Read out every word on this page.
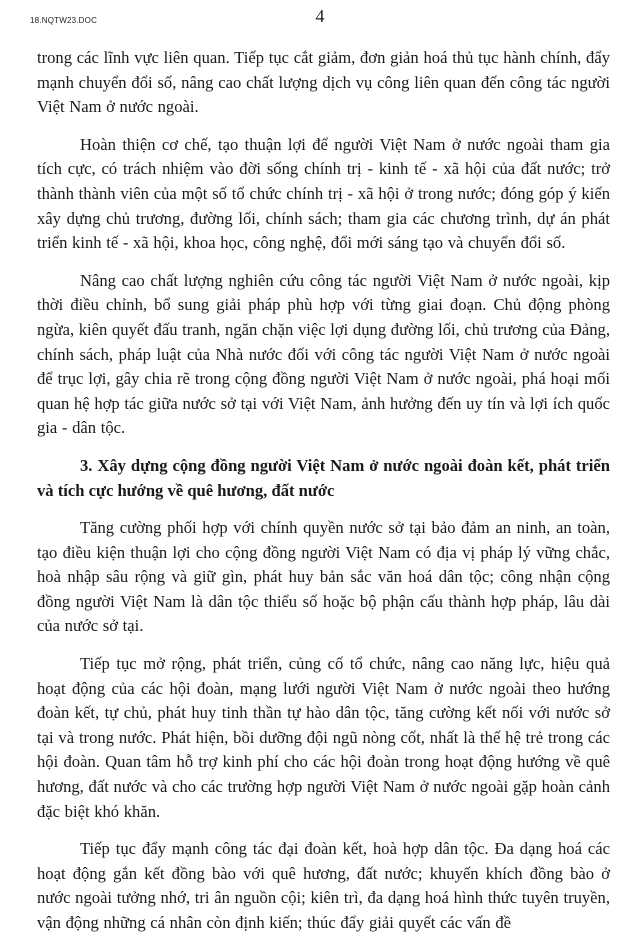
18.NQTW23.DOC	4

trong các lĩnh vực liên quan. Tiếp tục cắt giảm, đơn giản hoá thủ tục hành chính, đẩy mạnh chuyển đổi số, nâng cao chất lượng dịch vụ công liên quan đến công tác người Việt Nam ở nước ngoài.

Hoàn thiện cơ chế, tạo thuận lợi để người Việt Nam ở nước ngoài tham gia tích cực, có trách nhiệm vào đời sống chính trị - kinh tế - xã hội của đất nước; trở thành thành viên của một số tổ chức chính trị - xã hội ở trong nước; đóng góp ý kiến xây dựng chủ trương, đường lối, chính sách; tham gia các chương trình, dự án phát triển kinh tế - xã hội, khoa học, công nghệ, đổi mới sáng tạo và chuyển đổi số.

Nâng cao chất lượng nghiên cứu công tác người Việt Nam ở nước ngoài, kịp thời điều chỉnh, bổ sung giải pháp phù hợp với từng giai đoạn. Chủ động phòng ngừa, kiên quyết đấu tranh, ngăn chặn việc lợi dụng đường lối, chủ trương của Đảng, chính sách, pháp luật của Nhà nước đối với công tác người Việt Nam ở nước ngoài để trục lợi, gây chia rẽ trong cộng đồng người Việt Nam ở nước ngoài, phá hoại mối quan hệ hợp tác giữa nước sở tại với Việt Nam, ảnh hưởng đến uy tín và lợi ích quốc gia - dân tộc.

3. Xây dựng cộng đồng người Việt Nam ở nước ngoài đoàn kết, phát triển và tích cực hướng về quê hương, đất nước

Tăng cường phối hợp với chính quyền nước sở tại bảo đảm an ninh, an toàn, tạo điều kiện thuận lợi cho cộng đồng người Việt Nam có địa vị pháp lý vững chắc, hoà nhập sâu rộng và giữ gìn, phát huy bản sắc văn hoá dân tộc; công nhận cộng đồng người Việt Nam là dân tộc thiểu số hoặc bộ phận cấu thành hợp pháp, lâu dài của nước sở tại.

Tiếp tục mở rộng, phát triển, củng cố tổ chức, nâng cao năng lực, hiệu quả hoạt động của các hội đoàn, mạng lưới người Việt Nam ở nước ngoài theo hướng đoàn kết, tự chủ, phát huy tinh thần tự hào dân tộc, tăng cường kết nối với nước sở tại và trong nước. Phát hiện, bồi dưỡng đội ngũ nòng cốt, nhất là thế hệ trẻ trong các hội đoàn. Quan tâm hỗ trợ kinh phí cho các hội đoàn trong hoạt động hướng về quê hương, đất nước và cho các trường hợp người Việt Nam ở nước ngoài gặp hoàn cảnh đặc biệt khó khăn.

Tiếp tục đẩy mạnh công tác đại đoàn kết, hoà hợp dân tộc. Đa dạng hoá các hoạt động gắn kết đồng bào với quê hương, đất nước; khuyến khích đồng bào ở nước ngoài tưởng nhớ, tri ân nguồn cội; kiên trì, đa dạng hoá hình thức tuyên truyền, vận động những cá nhân còn định kiến; thúc đẩy giải quyết các vấn đề
